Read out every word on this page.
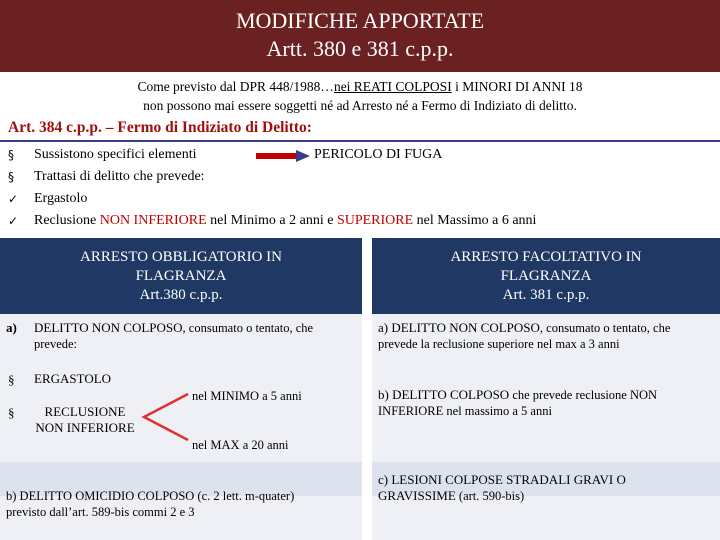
MODIFICHE APPORTATE
Artt. 380 e 381 c.p.p.
Come previsto dal DPR 448/1988…nei REATI COLPOSI i MINORI DI ANNI 18
non possono mai essere soggetti né ad Arresto né a Fermo di Indiziato di delitto.
Art. 384 c.p.p. – Fermo di Indiziato di Delitto:
§	Sussistono specifici elementi	PERICOLO DI FUGA
§	Trattasi di delitto che prevede:
✓	Ergastolo
✓	Reclusione NON INFERIORE nel Minimo a 2 anni e SUPERIORE nel Massimo a 6 anni
ARRESTO OBBLIGATORIO IN
FLAGRANZA
Art.380 c.p.p.
ARRESTO FACOLTATIVO IN
FLAGRANZA
Art. 381 c.p.p.
a) DELITTO NON COLPOSO, consumato o tentato, che
prevede:
§ ERGASTOLO
§	RECLUSIONE
NON INFERIORE
nel MINIMO a 5 anni
nel MAX a 20 anni
b) DELITTO OMICIDIO COLPOSO (c. 2 lett. m-quater)
previsto dall’art. 589-bis commi 2 e 3
a) DELITTO NON COLPOSO, consumato o tentato, che
prevede la reclusione superiore nel max a 3 anni
b) DELITTO COLPOSO che prevede reclusione NON
INFERIORE nel massimo a 5 anni
c) LESIONI COLPOSE STRADALI GRAVI O
GRAVISSIME (art. 590-bis)
